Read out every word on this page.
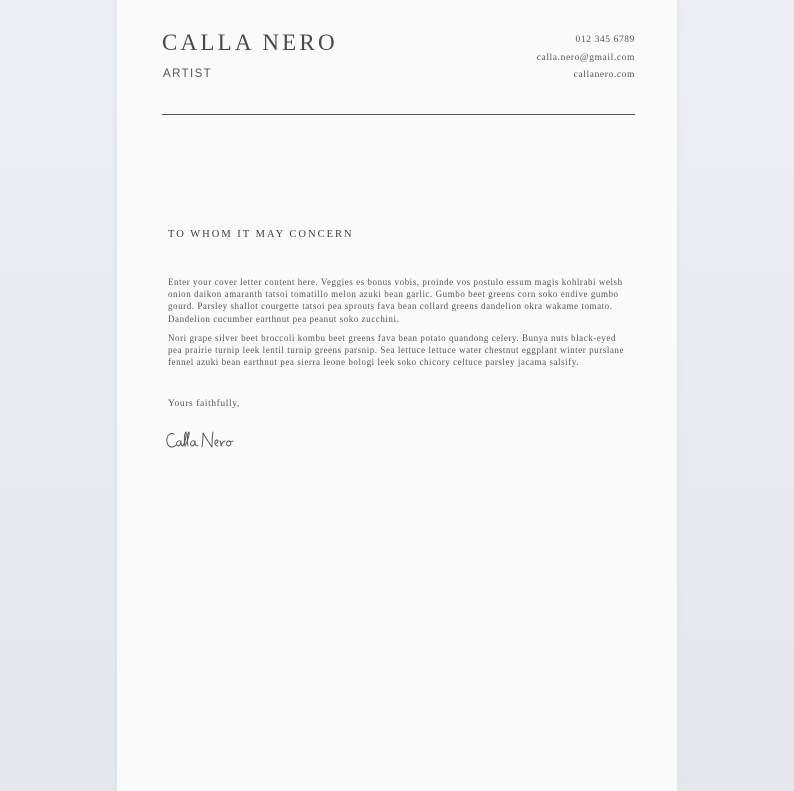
CALLA NERO
ARTIST
012 345 6789
calla.nero@gmail.com
callanero.com
TO WHOM IT MAY CONCERN

Enter your cover letter content here. Veggies es bonus vobis, proinde vos postulo essum magis kohlrabi welsh onion daikon amaranth tatsoi tomatillo melon azuki bean garlic. Gumbo beet greens corn soko endive gumbo gourd. Parsley shallot courgette tatsoi pea sprouts fava bean collard greens dandelion okra wakame tomato. Dandelion cucumber earthnut pea peanut soko zucchini.

Nori grape silver beet broccoli kombu beet greens fava bean potato quandong celery. Bunya nuts black-eyed pea prairie turnip leek lentil turnip greens parsnip. Sea lettuce lettuce water chestnut eggplant winter purslane fennel azuki bean earthnut pea sierra leone bologi leek soko chicory celtuce parsley jacama salsify.

Yours faithfully,
